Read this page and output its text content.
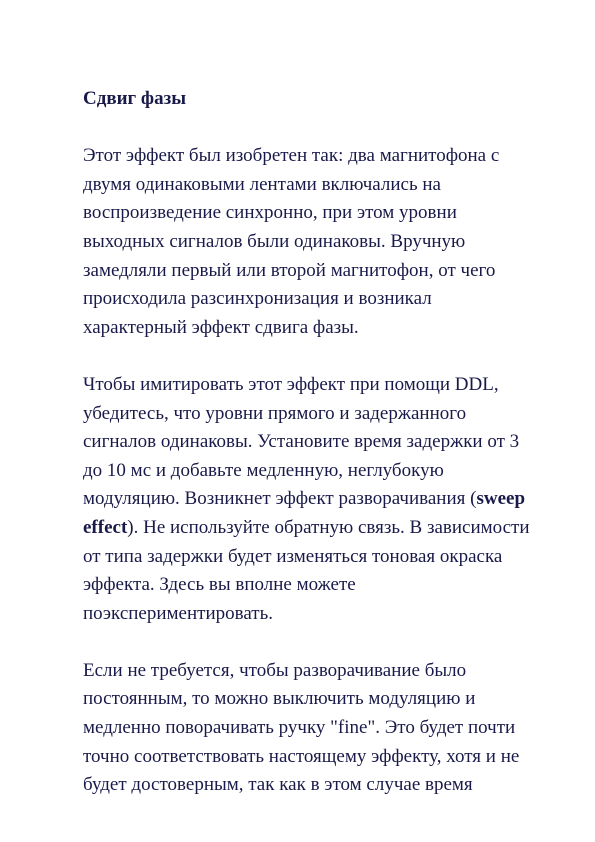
Сдвиг фазы
Этот эффект был изобретен так: два магнитофона с
двумя одинаковыми лентами включались на
воспроизведение синхронно, при этом уровни
выходных сигналов были одинаковы. Вручную
замедляли первый или второй магнитофон, от чего
происходила разсинхронизация и возникал
характерный эффект сдвига фазы.
Чтобы имитировать этот эффект при помощи DDL,
убедитесь, что уровни прямого и задержанного
сигналов одинаковы. Установите время задержки от 3
до 10 мс и добавьте медленную, неглубокую
модуляцию. Возникнет эффект разворачивания (sweep
effect). Не используйте обратную связь. В зависимости
от типа задержки будет изменяться тоновая окраска
эффекта. Здесь вы вполне можете
поэкспериментировать.
Если не требуется, чтобы разворачивание было
постоянным, то можно выключить модуляцию и
медленно поворачивать ручку "fine". Это будет почти
точно соответствовать настоящему эффекту, хотя и не
будет достоверным, так как в этом случае время
